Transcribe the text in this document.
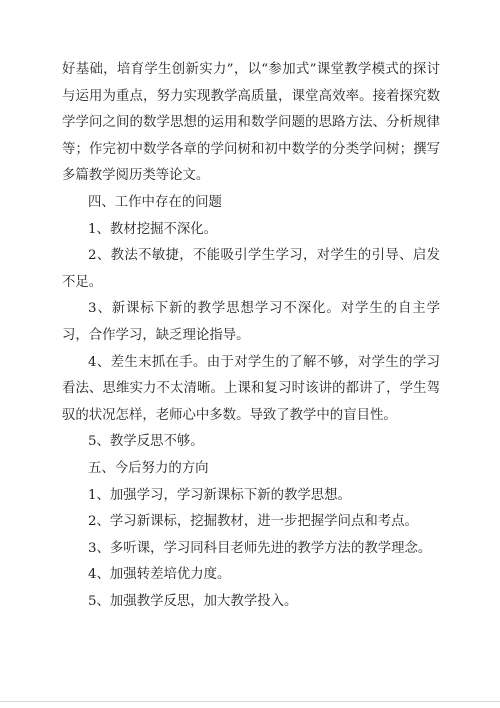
好基础，培育学生创新实力”，以“参加式”课堂教学模式的探讨与运用为重点，努力实现教学高质量，课堂高效率。接着探究数学学问之间的数学思想的运用和数学问题的思路方法、分析规律等；作完初中数学各章的学问树和初中数学的分类学问树；撰写多篇教学阅历类等论文。

四、工作中存在的问题

1、教材挖掘不深化。

2、教法不敏捷，不能吸引学生学习，对学生的引导、启发不足。

3、新课标下新的教学思想学习不深化。对学生的自主学习，合作学习，缺乏理论指导。

4、差生末抓在手。由于对学生的了解不够，对学生的学习看法、思维实力不太清晰。上课和复习时该讲的都讲了，学生驾驭的状况怎样，老师心中多数。导致了教学中的盲目性。

5、教学反思不够。

五、今后努力的方向

1、加强学习，学习新课标下新的教学思想。

2、学习新课标，挖掘教材，进一步把握学问点和考点。

3、多听课，学习同科目老师先进的教学方法的教学理念。

4、加强转差培优力度。

5、加强教学反思，加大教学投入。
